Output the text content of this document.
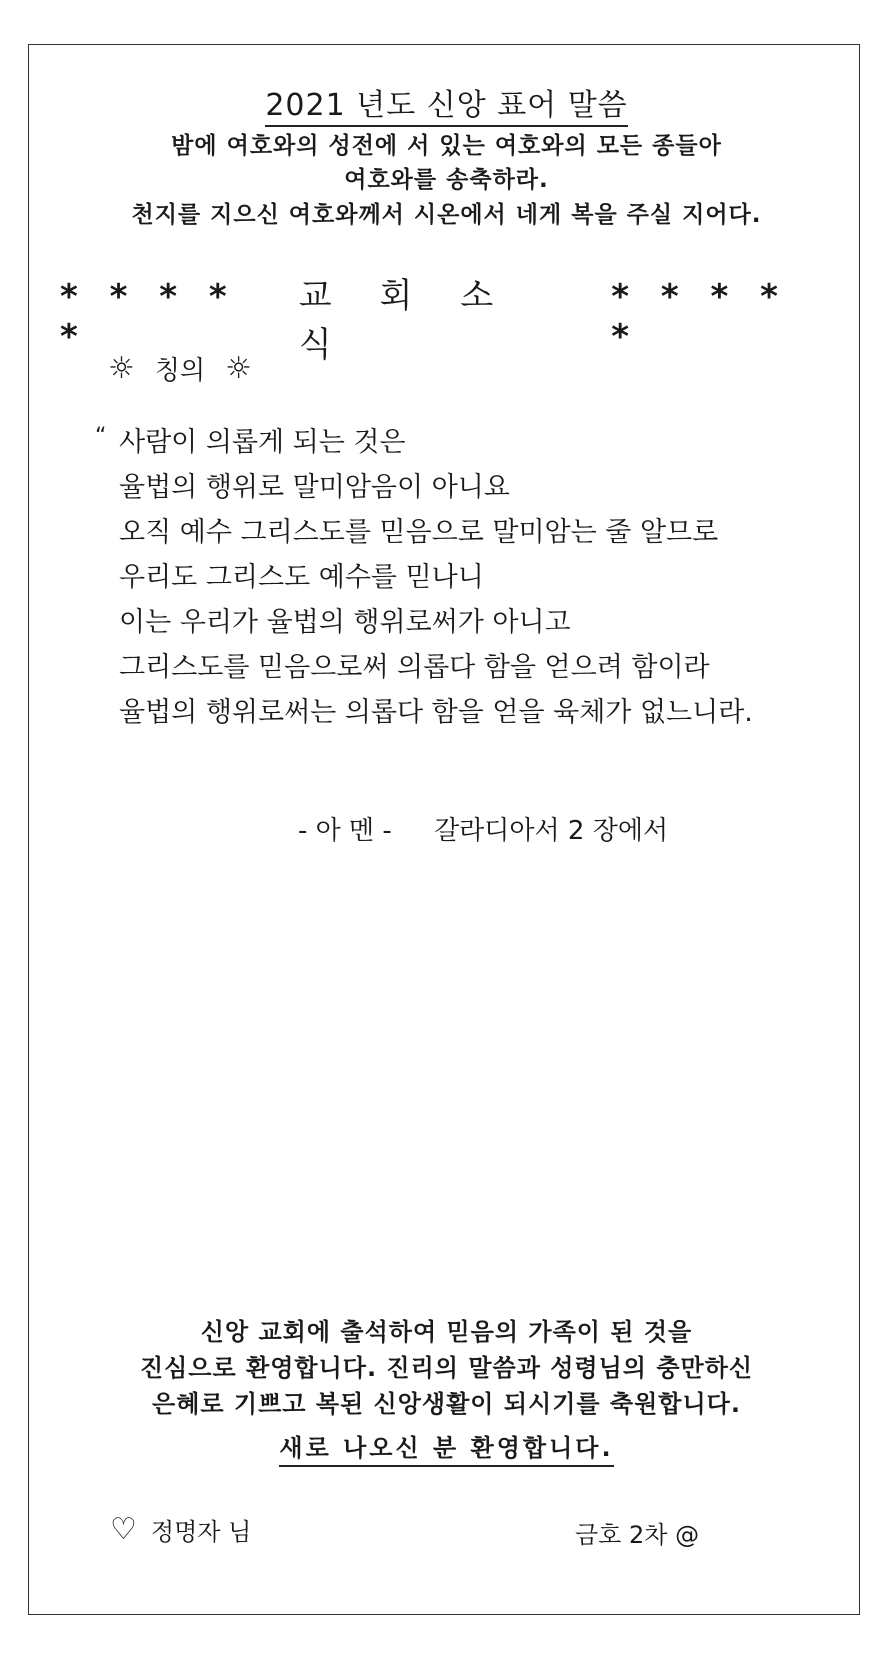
2021 년도 신앙 표어 말씀
밤에 여호와의 성전에 서 있는 여호와의 모든 종들아
여호와를 송축하라.
천지를 지으신 여호와께서 시온에서 네게 복을 주실 지어다.
* * * * *
교회소식
* * * * *
☼ 칭의 ☼
“ 사람이 의롭게 되는 것은
율법의 행위로 말미암음이 아니요
오직 예수 그리스도를 믿음으로 말미암는 줄 알므로
우리도 그리스도 예수를 믿나니
이는 우리가 율법의 행위로써가 아니고
그리스도를 믿음으로써 의롭다 함을 얻으려 함이라
율법의 행위로써는 의롭다 함을 얻을 육체가 없느니라.
- 아 멘 - 갈라디아서 2 장에서
신앙 교회에 출석하여 믿음의 가족이 된 것을
진심으로 환영합니다. 진리의 말씀과 성령님의 충만하신
은혜로 기쁘고 복된 신앙생활이 되시기를 축원합니다.
새로 나오신 분 환영합니다.
♡ 정명자 님	금호 2차 @
